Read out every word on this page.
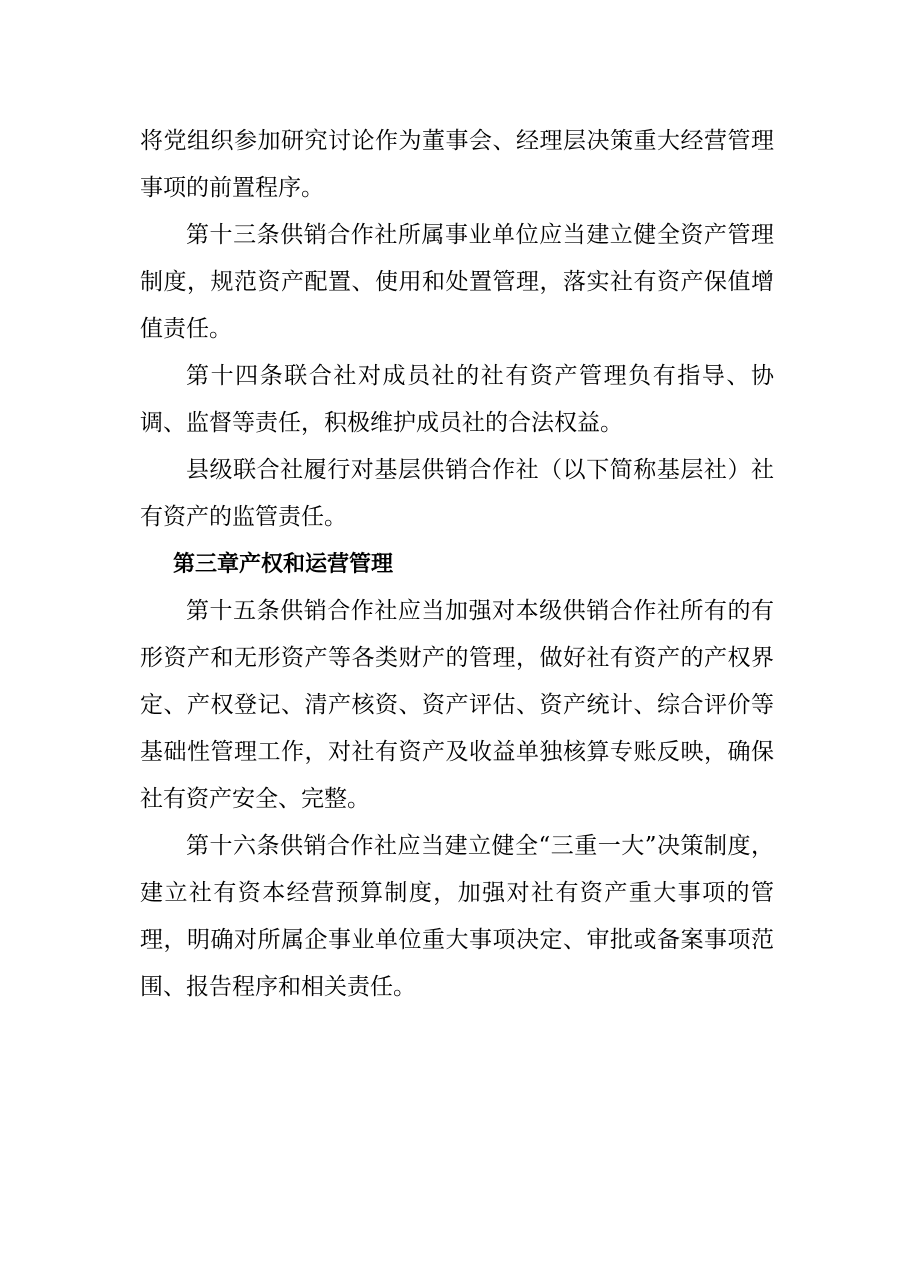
将党组织参加研究讨论作为董事会、经理层决策重大经营管理事项的前置程序。

第十三条供销合作社所属事业单位应当建立健全资产管理制度，规范资产配置、使用和处置管理，落实社有资产保值增值责任。

第十四条联合社对成员社的社有资产管理负有指导、协调、监督等责任，积极维护成员社的合法权益。

县级联合社履行对基层供销合作社（以下简称基层社）社有资产的监管责任。

第三章产权和运营管理

第十五条供销合作社应当加强对本级供销合作社所有的有形资产和无形资产等各类财产的管理，做好社有资产的产权界定、产权登记、清产核资、资产评估、资产统计、综合评价等基础性管理工作，对社有资产及收益单独核算专账反映，确保社有资产安全、完整。

第十六条供销合作社应当建立健全“三重一大”决策制度，建立社有资本经营预算制度，加强对社有资产重大事项的管理，明确对所属企事业单位重大事项决定、审批或备案事项范围、报告程序和相关责任。
